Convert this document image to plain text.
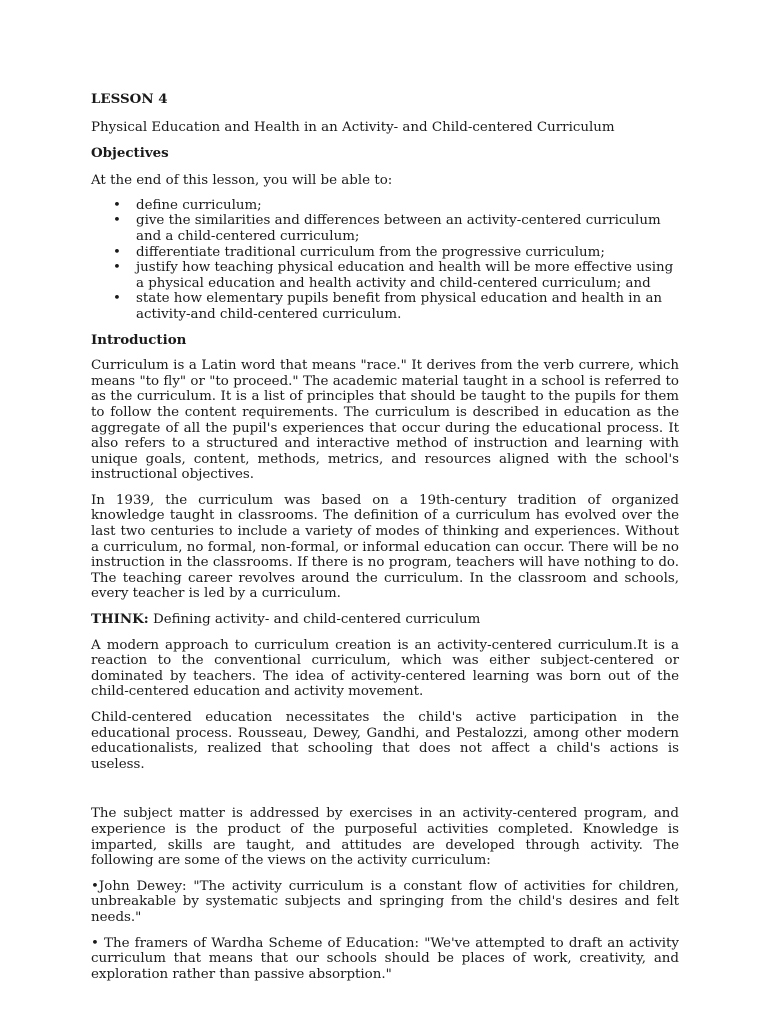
LESSON 4
Physical Education and Health in an Activity- and Child-centered Curriculum
Objectives
At the end of this lesson, you will be able to:
• define curriculum;
• give the similarities and differences between an activity-centered curriculum and a child-centered curriculum;
• differentiate traditional curriculum from the progressive curriculum;
• justify how teaching physical education and health will be more effective using a physical education and health activity and child-centered curriculum; and
• state how elementary pupils benefit from physical education and health in an activity-and child-centered curriculum.
Introduction

Curriculum is a Latin word that means "race." It derives from the verb currere, which means "to fly" or "to proceed." The academic material taught in a school is referred to as the curriculum. It is a list of principles that should be taught to the pupils for them to follow the content requirements. The curriculum is described in education as the aggregate of all the pupil's experiences that occur during the educational process. It also refers to a structured and interactive method of instruction and learning with unique goals, content, methods, metrics, and resources aligned with the school's instructional objectives.

In 1939, the curriculum was based on a 19th-century tradition of organized knowledge taught in classrooms. The definition of a curriculum has evolved over the last two centuries to include a variety of modes of thinking and experiences. Without a curriculum, no formal, non-formal, or informal education can occur. There will be no instruction in the classrooms. If there is no program, teachers will have nothing to do. The teaching career revolves around the curriculum. In the classroom and schools, every teacher is led by a curriculum.

THINK: Defining activity- and child-centered curriculum

A modern approach to curriculum creation is an activity-centered curriculum.It is a reaction to the conventional curriculum, which was either subject-centered or dominated by teachers. The idea of activity-centered learning was born out of the child-centered education and activity movement.

Child-centered education necessitates the child's active participation in the educational process. Rousseau, Dewey, Gandhi, and Pestalozzi, among other modern educationalists, realized that schooling that does not affect a child's actions is useless.

The subject matter is addressed by exercises in an activity-centered program, and experience is the product of the purposeful activities completed. Knowledge is imparted, skills are taught, and attitudes are developed through activity. The following are some of the views on the activity curriculum:

•John Dewey: "The activity curriculum is a constant flow of activities for children, unbreakable by systematic subjects and springing from the child's desires and felt needs."

• The framers of Wardha Scheme of Education: "We've attempted to draft an activity curriculum that means that our schools should be places of work, creativity, and exploration rather than passive absorption."
